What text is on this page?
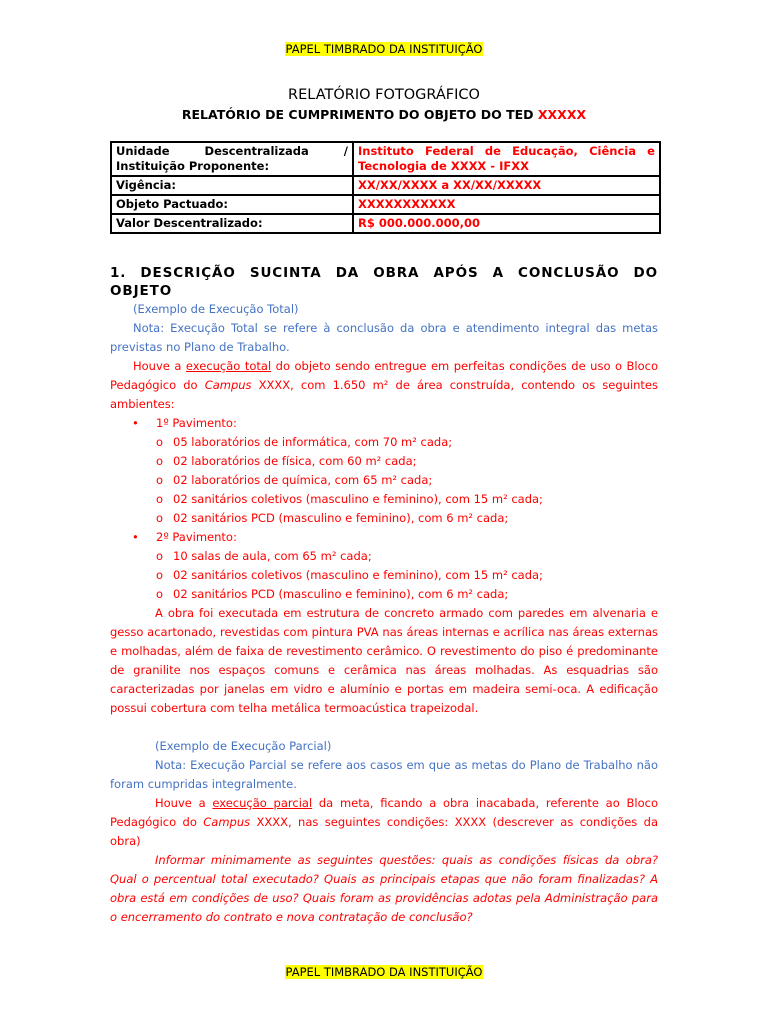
PAPEL TIMBRADO DA INSTITUIÇÃO
RELATÓRIO FOTOGRÁFICO
RELATÓRIO DE CUMPRIMENTO DO OBJETO DO TED XXXXX
Unidade Descentralizada / Instituição Proponente:	Instituto Federal de Educação, Ciência e Tecnologia de XXXX - IFXX
Vigência:	XX/XX/XXXX a XX/XX/XXXXX
Objeto Pactuado:	XXXXXXXXXXX
Valor Descentralizado:	R$ 000.000.000,00
1. DESCRIÇÃO SUCINTA DA OBRA APÓS A CONCLUSÃO DO OBJETO

(Exemplo de Execução Total)

Nota: Execução Total se refere à conclusão da obra e atendimento integral das metas previstas no Plano de Trabalho.

Houve a execução total do objeto sendo entregue em perfeitas condições de uso o Bloco Pedagógico do Campus XXXX, com 1.650 m² de área construída, contendo os seguintes ambientes:

• 1º Pavimento:
o 05 laboratórios de informática, com 70 m² cada;
o 02 laboratórios de física, com 60 m² cada;
o 02 laboratórios de química, com 65 m² cada;
o 02 sanitários coletivos (masculino e feminino), com 15 m² cada;
o 02 sanitários PCD (masculino e feminino), com 6 m² cada;
• 2º Pavimento:
o 10 salas de aula, com 65 m² cada;
o 02 sanitários coletivos (masculino e feminino), com 15 m² cada;
o 02 sanitários PCD (masculino e feminino), com 6 m² cada;

A obra foi executada em estrutura de concreto armado com paredes em alvenaria e gesso acartonado, revestidas com pintura PVA nas áreas internas e acrílica nas áreas externas e molhadas, além de faixa de revestimento cerâmico. O revestimento do piso é predominante de granilite nos espaços comuns e cerâmica nas áreas molhadas. As esquadrias são caracterizadas por janelas em vidro e alumínio e portas em madeira semi-oca. A edificação possui cobertura com telha metálica termoacústica trapeizodal.

(Exemplo de Execução Parcial)

Nota: Execução Parcial se refere aos casos em que as metas do Plano de Trabalho não foram cumpridas integralmente.

Houve a execução parcial da meta, ficando a obra inacabada, referente ao Bloco Pedagógico do Campus XXXX, nas seguintes condições: XXXX (descrever as condições da obra)

Informar minimamente as seguintes questões: quais as condições físicas da obra? Qual o percentual total executado? Quais as principais etapas que não foram finalizadas? A obra está em condições de uso? Quais foram as providências adotas pela Administração para o encerramento do contrato e nova contratação de conclusão?

PAPEL TIMBRADO DA INSTITUIÇÃO
